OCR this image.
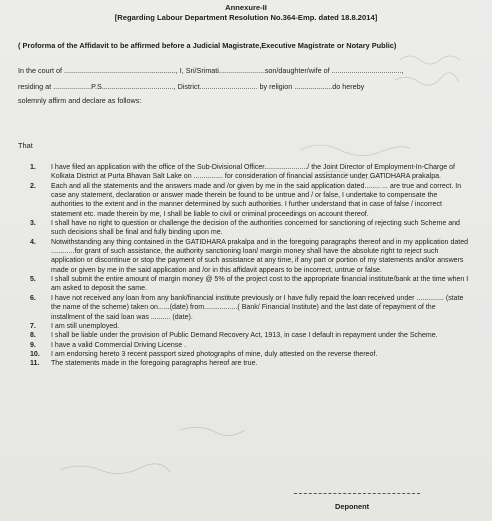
Annexure-II
[Regarding Labour Department Resolution No.364-Emp. dated 18.8.2014]
( Proforma of the Affidavit to be affirmed before a Judicial Magistrate,Executive Magistrate or Notary Public)
In the court of ........................................................, I, Sri/Srimati.......................son/daughter/wife of ...................................,
residing at ...................P.S...................................., District............................. by religion ...................do hereby
solemnly affirm and declare as follows:
That
1. I have filed an application with the office of the Sub-Divisional Officer....................../ the Joint Director of Employment-In-Charge of Kolkata District at Purta Bhavan Salt Lake on ............... for consideration of financial assistance under GATIDHARA prakalpa.
2. Each and all the statements and the answers made and /or given by me in the said application dated........ ... are true and correct. In case any statement, declaration or answer made therein be found to be untrue and / or false, I undertake to compensate the authorities to the extent and in the manner determined by such authorities. I further understand that in case of false / incorrect statement etc. made therein by me, I shall be liable to civil or criminal proceedings on account thereof.
3. I shall have no right to question or challenge the decision of the authorities concerned for sanctioning of rejecting such Scheme and such decisions shall be final and fully binding upon me.
4. Notwithstanding any thing contained in the GATIDHARA prakalpa and in the foregoing paragraphs thereof and in my application dated ............for grant of such assistance, the authority sanctioning loan/ margin money shall have the absolute right to reject such application or discontinue or stop the payment of such assistance at any time, if any part or portion of my statements and/or answers made or given by me in the said application and /or in this affidavit appears to be incorrect, untrue or false.
5. I shall submit the entire amount of margin money @ 5% of the project cost to the appropriate financial institute/bank at the time when I am asked to deposit the same.
6. I have not received any loan from any bank/financial institute previously or I have fully repaid the loan received under .............. (state the name of the scheme) taken on......(date) from.................( Bank/ Financial Institute) and the last date of repayment of the installment of the said loan was .......... (date).
7. I am still unemployed.
8. I shall be liable under the provision of Public Demand Recovery Act, 1913, in case I default in repayment under the Scheme.
9. I have a valid Commercial Driving License .
10. I am endorsing hereto 3 recent passport sized photographs of mine, duly attested on the reverse thereof.
11. The statements made in the foregoing paragraphs hereof are true.
Deponent
